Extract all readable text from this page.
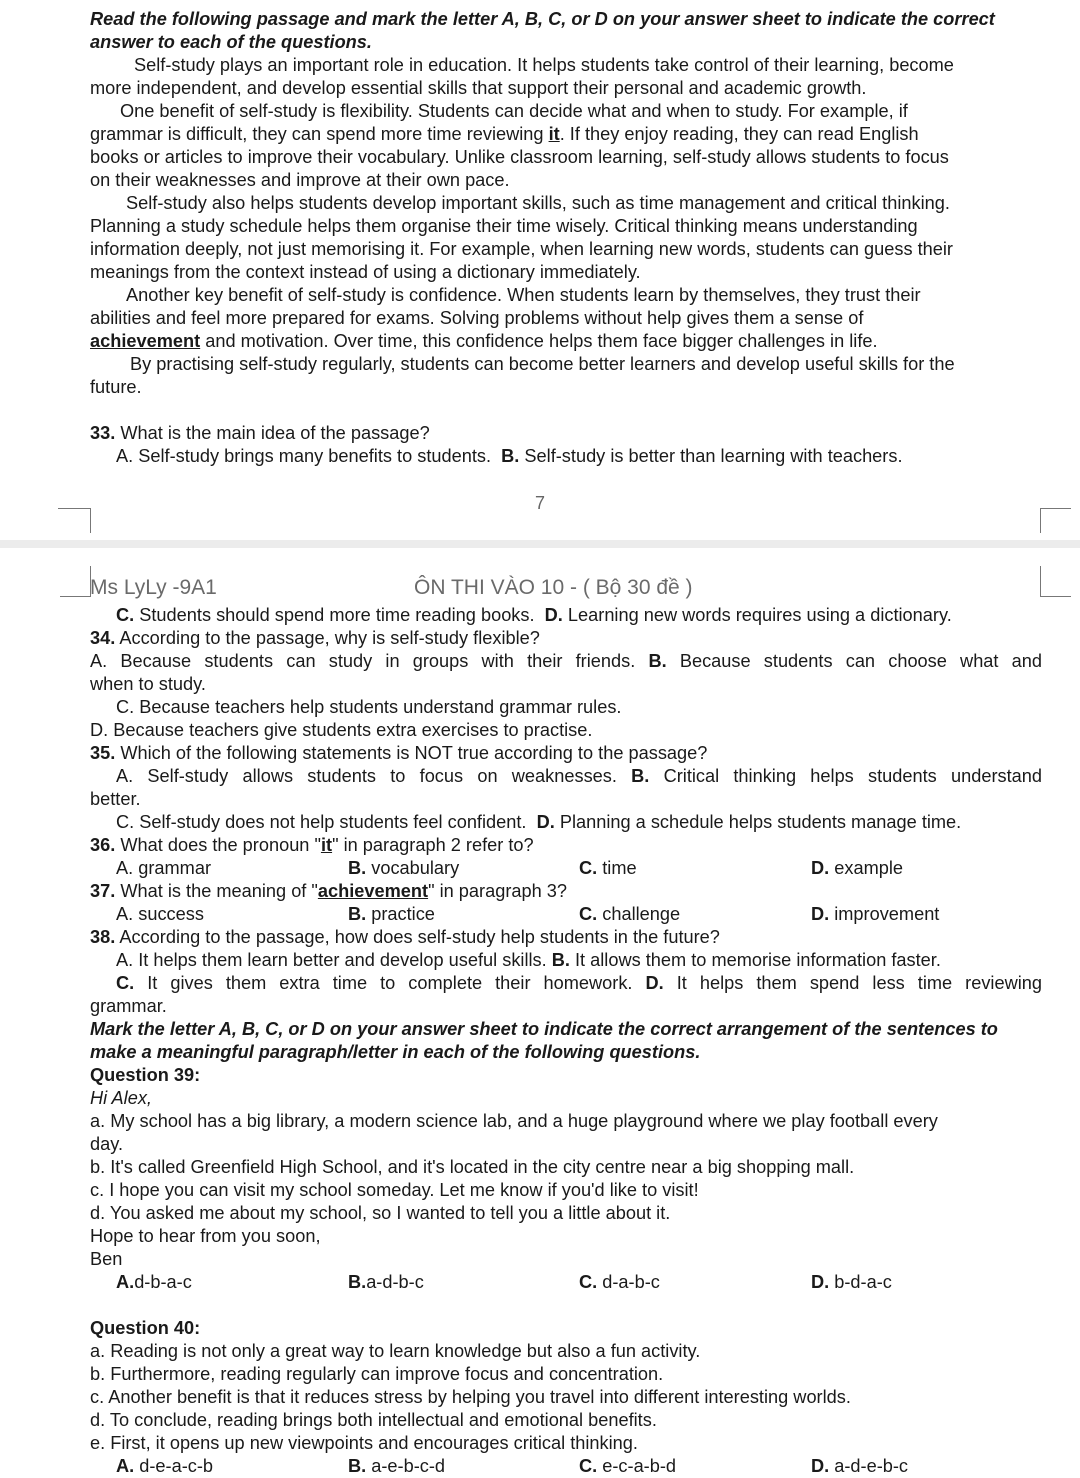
Read the following passage and mark the letter A, B, C, or D on your answer sheet to indicate the correct
answer to each of the questions.
Self-study plays an important role in education. It helps students take control of their learning, become
more independent, and develop essential skills that support their personal and academic growth.
One benefit of self-study is flexibility. Students can decide what and when to study. For example, if
grammar is difficult, they can spend more time reviewing it. If they enjoy reading, they can read English
books or articles to improve their vocabulary. Unlike classroom learning, self-study allows students to focus
on their weaknesses and improve at their own pace.
Self-study also helps students develop important skills, such as time management and critical thinking.
Planning a study schedule helps them organise their time wisely. Critical thinking means understanding
information deeply, not just memorising it. For example, when learning new words, students can guess their
meanings from the context instead of using a dictionary immediately.
Another key benefit of self-study is confidence. When students learn by themselves, they trust their
abilities and feel more prepared for exams. Solving problems without help gives them a sense of
achievement and motivation. Over time, this confidence helps them face bigger challenges in life.
By practising self-study regularly, students can become better learners and develop useful skills for the
future.
33. What is the main idea of the passage?
A. Self-study brings many benefits to students. B. Self-study is better than learning with teachers.
7
Ms LyLy -9A1	ÔN THI VÀO 10 - ( Bộ 30 đề )
C. Students should spend more time reading books. D. Learning new words requires using a dictionary.
34. According to the passage, why is self-study flexible?
A. Because students can study in groups with their friends. B. Because students can choose what and
when to study.
C. Because teachers help students understand grammar rules.
D. Because teachers give students extra exercises to practise.
35. Which of the following statements is NOT true according to the passage?
A. Self-study allows students to focus on weaknesses. B. Critical thinking helps students understand
better.
C. Self-study does not help students feel confident. D. Planning a schedule helps students manage time.
36. What does the pronoun "it" in paragraph 2 refer to?
A. grammar	B. vocabulary	C. time	D. example
37. What is the meaning of "achievement" in paragraph 3?
A. success	B. practice	C. challenge	D. improvement
38. According to the passage, how does self-study help students in the future?
A. It helps them learn better and develop useful skills. B. It allows them to memorise information faster.
C. It gives them extra time to complete their homework. D. It helps them spend less time reviewing
grammar.
Mark the letter A, B, C, or D on your answer sheet to indicate the correct arrangement of the sentences to
make a meaningful paragraph/letter in each of the following questions.
Question 39:
Hi Alex,
a. My school has a big library, a modern science lab, and a huge playground where we play football every
day.
b. It's called Greenfield High School, and it's located in the city centre near a big shopping mall.
c. I hope you can visit my school someday. Let me know if you'd like to visit!
d. You asked me about my school, so I wanted to tell you a little about it.
Hope to hear from you soon,
Ben
A.d-b-a-c	B.a-d-b-c	C. d-a-b-c	D. b-d-a-c
Question 40:
a. Reading is not only a great way to learn knowledge but also a fun activity.
b. Furthermore, reading regularly can improve focus and concentration.
c. Another benefit is that it reduces stress by helping you travel into different interesting worlds.
d. To conclude, reading brings both intellectual and emotional benefits.
e. First, it opens up new viewpoints and encourages critical thinking.
A. d-e-a-c-b	B. a-e-b-c-d	C. e-c-a-b-d	D. a-d-e-b-c
